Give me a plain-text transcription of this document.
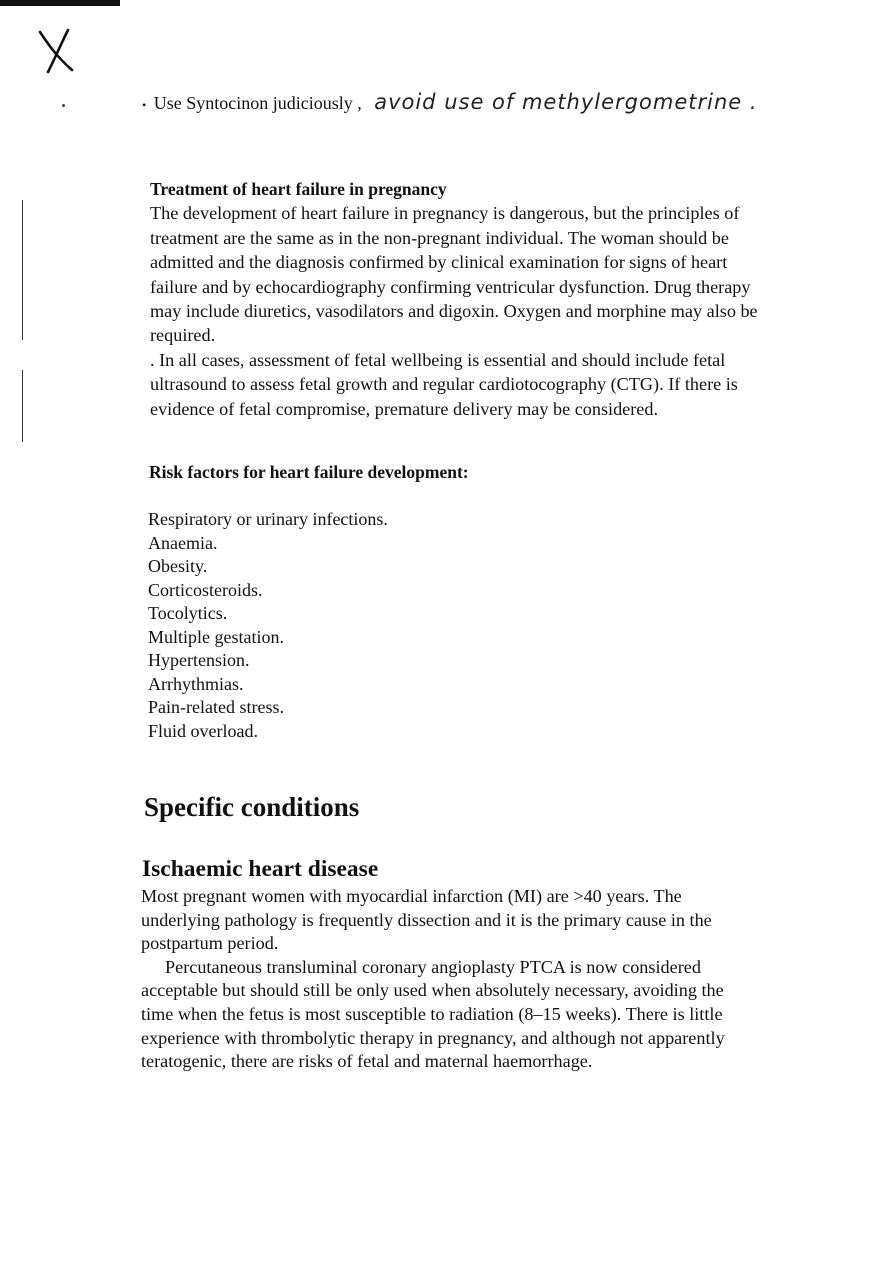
• Use Syntocinon judiciously , avoid use of methylergometrine .
Treatment of heart failure in pregnancy

The development of heart failure in pregnancy is dangerous, but the principles of treatment are the same as in the non-pregnant individual. The woman should be admitted and the diagnosis confirmed by clinical examination for signs of heart failure and by echocardiography confirming ventricular dysfunction. Drug therapy may include diuretics, vasodilators and digoxin. Oxygen and morphine may also be required.

. In all cases, assessment of fetal wellbeing is essential and should include fetal ultrasound to assess fetal growth and regular cardiotocography (CTG). If there is evidence of fetal compromise, premature delivery may be considered.

Risk factors for heart failure development:
Respiratory or urinary infections.
Anaemia.
Obesity.
Corticosteroids.
Tocolytics.
Multiple gestation.
Hypertension.
Arrhythmias.
Pain-related stress.
Fluid overload.
Specific conditions
Ischaemic heart disease

Most pregnant women with myocardial infarction (MI) are >40 years. The underlying pathology is frequently dissection and it is the primary cause in the postpartum period.

Percutaneous transluminal coronary angioplasty PTCA is now considered acceptable but should still be only used when absolutely necessary, avoiding the time when the fetus is most susceptible to radiation (8–15 weeks). There is little experience with thrombolytic therapy in pregnancy, and although not apparently teratogenic, there are risks of fetal and maternal haemorrhage.
